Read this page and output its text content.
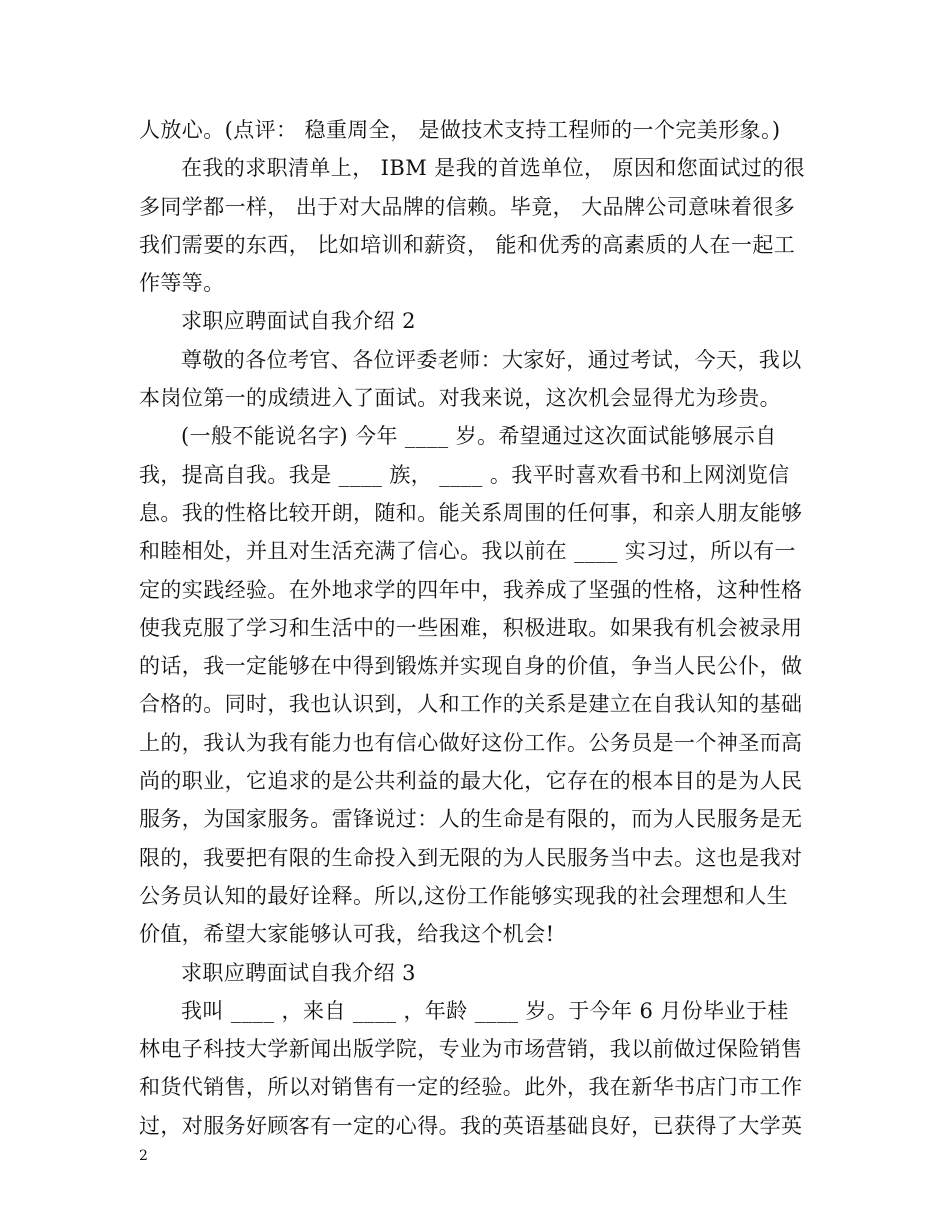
人放心。(点评： 稳重周全， 是做技术支持工程师的一个完美形象。)
在我的求职清单上， IBM 是我的首选单位， 原因和您面试过的很
多同学都一样， 出于对大品牌的信赖。毕竟， 大品牌公司意味着很多
我们需要的东西， 比如培训和薪资， 能和优秀的高素质的人在一起工
作等等。
求职应聘面试自我介绍 2
尊敬的各位考官、各位评委老师：大家好，通过考试，今天，我以
本岗位第一的成绩进入了面试。对我来说，这次机会显得尤为珍贵。
(一般不能说名字) 今年 ____ 岁。希望通过这次面试能够展示自
我，提高自我。我是 ____ 族， ____ 。我平时喜欢看书和上网浏览信
息。我的性格比较开朗，随和。能关系周围的任何事，和亲人朋友能够
和睦相处，并且对生活充满了信心。我以前在 ____ 实习过，所以有一
定的实践经验。在外地求学的四年中，我养成了坚强的性格，这种性格
使我克服了学习和生活中的一些困难，积极进取。如果我有机会被录用
的话，我一定能够在中得到锻炼并实现自身的价值，争当人民公仆，做
合格的。同时，我也认识到，人和工作的关系是建立在自我认知的基础
上的，我认为我有能力也有信心做好这份工作。公务员是一个神圣而高
尚的职业，它追求的是公共利益的最大化，它存在的根本目的是为人民
服务，为国家服务。雷锋说过：人的生命是有限的，而为人民服务是无
限的，我要把有限的生命投入到无限的为人民服务当中去。这也是我对
公务员认知的最好诠释。所以,这份工作能够实现我的社会理想和人生
价值，希望大家能够认可我，给我这个机会!
求职应聘面试自我介绍 3
我叫 ____ ，来自 ____ ，年龄 ____ 岁。于今年 6 月份毕业于桂
林电子科技大学新闻出版学院，专业为市场营销，我以前做过保险销售
和货代销售，所以对销售有一定的经验。此外，我在新华书店门市工作
过，对服务好顾客有一定的心得。我的英语基础良好，已获得了大学英
2
